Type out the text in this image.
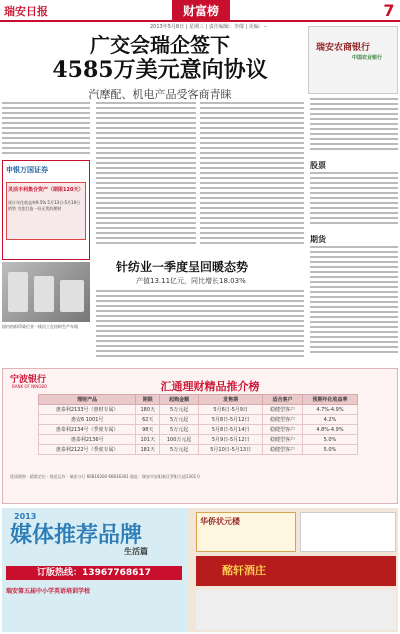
瑞安日报	财富榜	7
2013年5月8日 | 星期三 | 责任编辑：李郁 | 美编：--
广交会瑞企签下
4585万美元意向协议
汽摩配、机电产品受客商青睐
申银万国证券
灵活丰利集合资产（期限120天）
预计年化收益率9.5% 5月13日-5月19日销售 为您打造一份无忧的理财
瑞安农商银行
中国农业银行
股票
期货
国内纺织印染行业一线员工在纺织生产车间
针纺业一季度呈回暖态势
产值13.11亿元，同比增长18.03%
宁波银行
BANK OF NINGBO	汇通理财精品推介榜
理财产品	期限	起购金额	发售期	适合客户	预期年化收益率
惠泰利2133号（惠财专属）	180天	5万元起	5月6日-5月9日	稳健型客户	4.7%-4.9%
惠安6 1001号	62天	5万元起	5月8日-5月12日	稳健型客户	4.2%
惠泰利2134号（季度专属）	98天	5万元起	5月8日-5月14日	稳健型客户	4.8%-4.9%
惠泰利2136号	101天	100万元起	5月9日-5月12日	稳健型客户	5.0%
惠泰利2122号（季度专属）	181天	5万元起	5月10日-5月13日	稳健型客户	5.0%
优质理财 · 精准定位 · 规范运作 · 瑞安分行 66816200 66816301 地址：瑞安市安阳新区罗阳大道1301号
2013
媒体推荐品牌
生活篇
订版热线：13967768617
瑞安第五届中小学英语培训学校
华侨状元楼
酩轩酒庄
